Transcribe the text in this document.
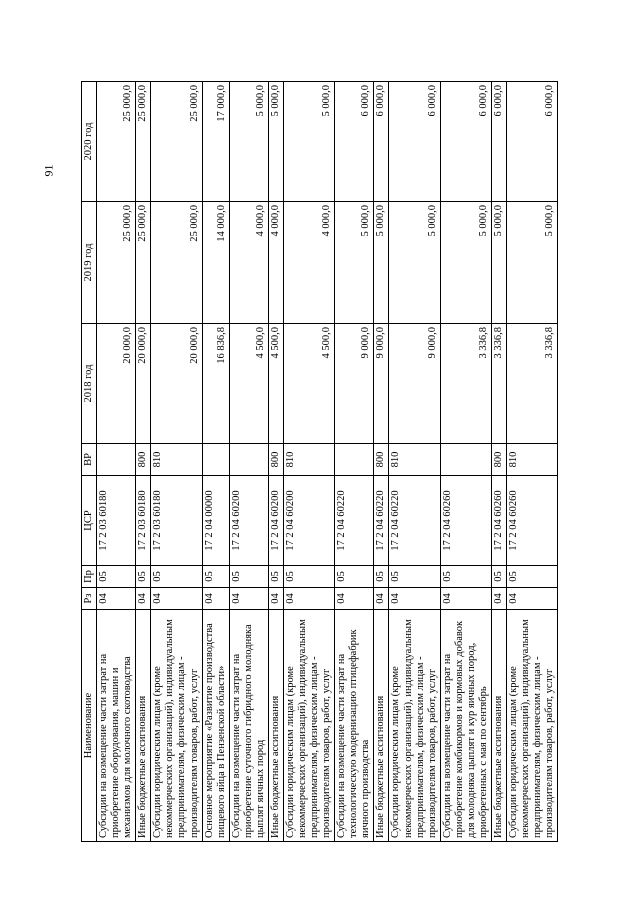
91
Наименование	Рз	Пр	ЦСР	ВР	2018 год	2019 год	2020 год
Субсидии на возмещение части затрат на приобретение оборудования, машин и механизмов для молочного скотоводства	04	05	17 2 03 60180		20 000,0	25 000,0	25 000,0
Иные бюджетные ассигнования	04	05	17 2 03 60180	800	20 000,0	25 000,0	25 000,0
Субсидии юридическим лицам (кроме некоммерческих организаций), индивидуальным предпринимателям, физическим лицам - производителям товаров, работ, услуг	04	05	17 2 03 60180	810	20 000,0	25 000,0	25 000,0
Основное мероприятие «Развитие производства пищевого яйца в Пензенской области»	04	05	17 2 04 00000		16 836,8	14 000,0	17 000,0
Субсидии на возмещение части затрат на приобретение суточного гибридного молодняка цыплят яичных пород	04	05	17 2 04 60200		4 500,0	4 000,0	5 000,0
Иные бюджетные ассигнования	04	05	17 2 04 60200	800	4 500,0	4 000,0	5 000,0
Субсидии юридическим лицам (кроме некоммерческих организаций), индивидуальным предпринимателям, физическим лицам - производителям товаров, работ, услуг	04	05	17 2 04 60200	810	4 500,0	4 000,0	5 000,0
Субсидии на возмещение части затрат на технологическую модернизацию птицефабрик яичного производства	04	05	17 2 04 60220		9 000,0	5 000,0	6 000,0
Иные бюджетные ассигнования	04	05	17 2 04 60220	800	9 000,0	5 000,0	6 000,0
Субсидии юридическим лицам (кроме некоммерческих организаций), индивидуальным предпринимателям, физическим лицам - производителям товаров, работ, услуг	04	05	17 2 04 60220	810	9 000,0	5 000,0	6 000,0
Субсидии на возмещение части затрат на приобретение комбикормов и кормовых добавок для молодняка цыплят и кур яичных пород, приобретенных с мая по сентябрь	04	05	17 2 04 60260		3 336,8	5 000,0	6 000,0
Иные бюджетные ассигнования	04	05	17 2 04 60260	800	3 336,8	5 000,0	6 000,0
Субсидии юридическим лицам (кроме некоммерческих организаций), индивидуальным предпринимателям, физическим лицам - производителям товаров, работ, услуг	04	05	17 2 04 60260	810	3 336,8	5 000,0	6 000,0
